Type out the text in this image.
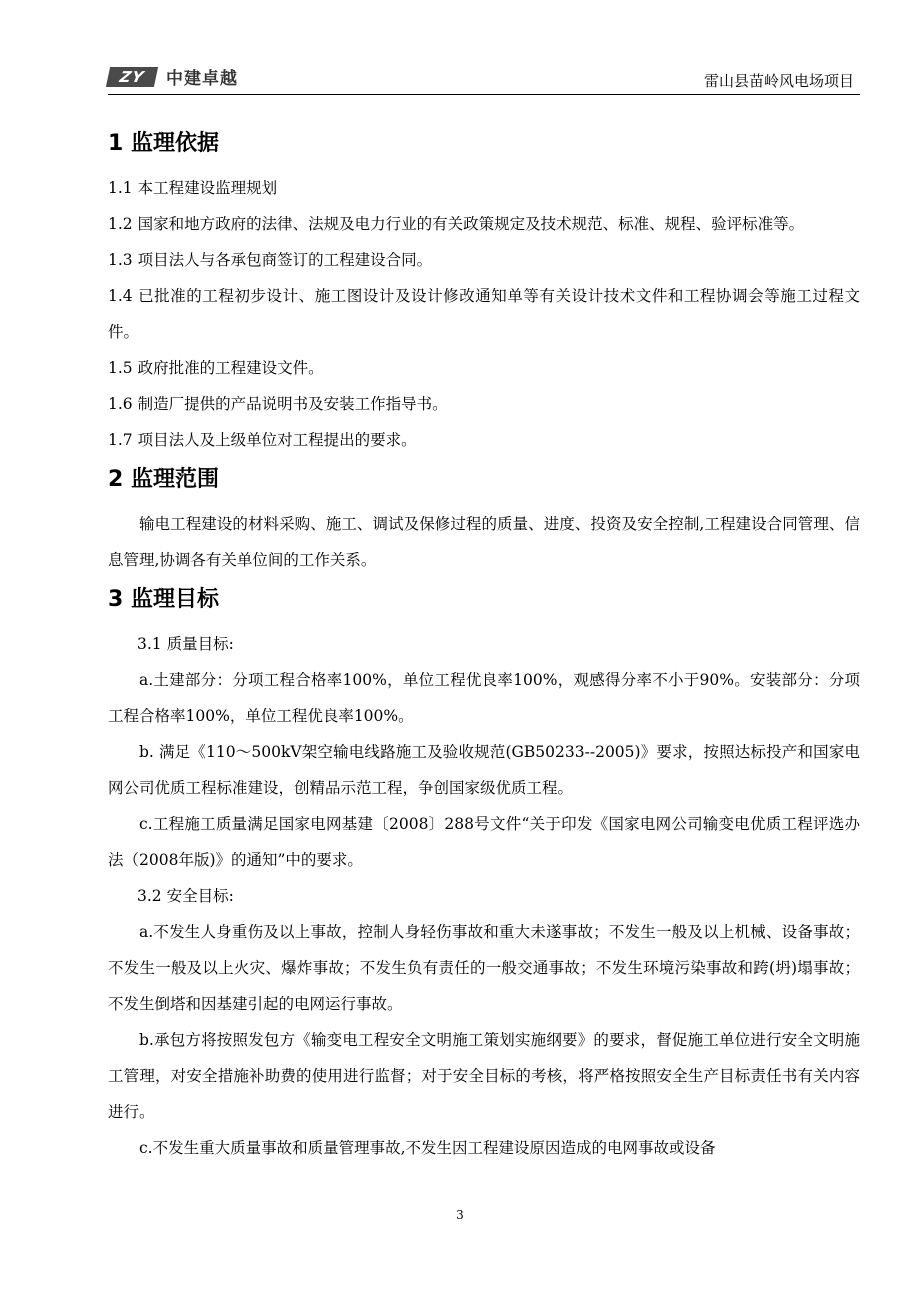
ZY	中建卓越	雷山县苗岭风电场项目
1 监理依据

1.1 本工程建设监理规划

1.2 国家和地方政府的法律、法规及电力行业的有关政策规定及技术规范、标准、规程、验评标准等。

1.3 项目法人与各承包商签订的工程建设合同。

1.4 已批准的工程初步设计、施工图设计及设计修改通知单等有关设计技术文件和工程协调会等施工过程文件。

1.5 政府批准的工程建设文件。

1.6 制造厂提供的产品说明书及安装工作指导书。

1.7 项目法人及上级单位对工程提出的要求。

2 监理范围

输电工程建设的材料采购、施工、调试及保修过程的质量、进度、投资及安全控制,工程建设合同管理、信息管理,协调各有关单位间的工作关系。

3 监理目标

3.1 质量目标:

a.土建部分：分项工程合格率100%，单位工程优良率100%，观感得分率不小于90%。安装部分：分项工程合格率100%，单位工程优良率100%。

b. 满足《110～500kV架空输电线路施工及验收规范(GB50233--2005)》要求，按照达标投产和国家电网公司优质工程标准建设，创精品示范工程，争创国家级优质工程。

c.工程施工质量满足国家电网基建〔2008〕288号文件“关于印发《国家电网公司输变电优质工程评选办法（2008年版)》的通知”中的要求。

3.2 安全目标:

a.不发生人身重伤及以上事故，控制人身轻伤事故和重大未遂事故；不发生一般及以上机械、设备事故；不发生一般及以上火灾、爆炸事故；不发生负有责任的一般交通事故；不发生环境污染事故和跨(坍)塌事故；不发生倒塔和因基建引起的电网运行事故。

b.承包方将按照发包方《输变电工程安全文明施工策划实施纲要》的要求，督促施工单位进行安全文明施工管理，对安全措施补助费的使用进行监督；对于安全目标的考核，将严格按照安全生产目标责任书有关内容进行。

c.不发生重大质量事故和质量管理事故,不发生因工程建设原因造成的电网事故或设备

3
